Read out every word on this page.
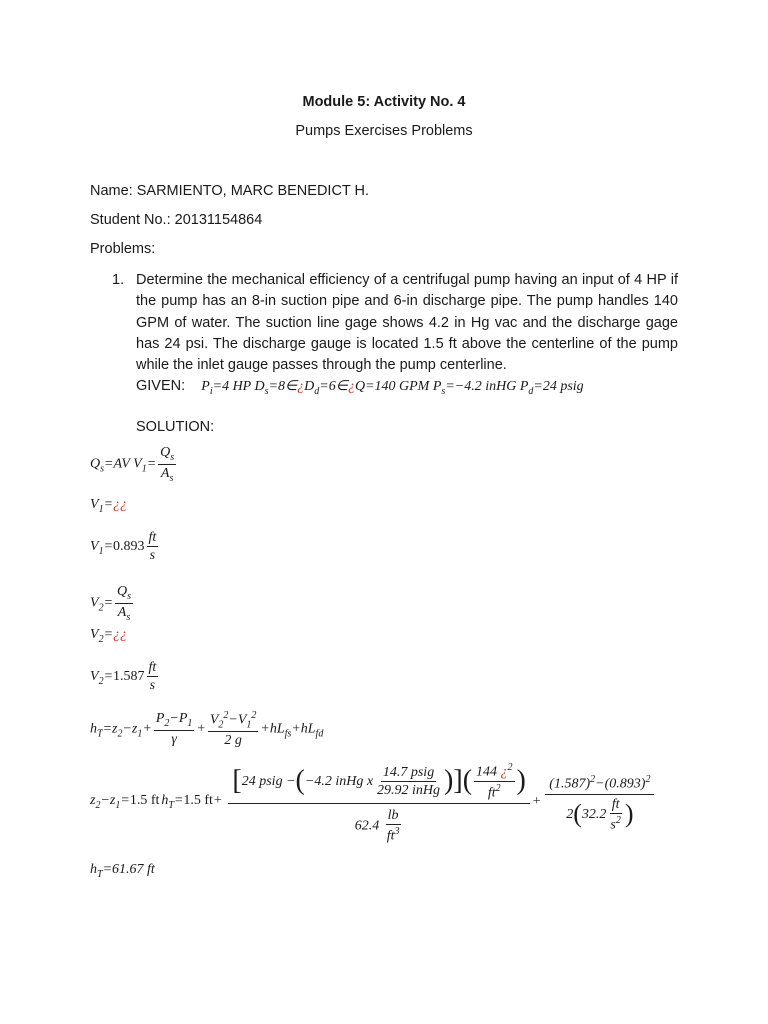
Module 5: Activity No. 4
Pumps Exercises Problems
Name: SARMIENTO, MARC BENEDICT H.
Student No.: 20131154864
Problems:
1. Determine the mechanical efficiency of a centrifugal pump having an input of 4 HP if the pump has an 8-in suction pipe and 6-in discharge pipe. The pump handles 140 GPM of water. The suction line gage shows 4.2 in Hg vac and the discharge gage has 24 psi. The discharge gauge is located 1.5 ft above the centerline of the pump while the inlet gauge passes through the pump centerline.
GIVEN: $P_i=4$ HP $D_s=8\in¿D_d=6\in¿Q=140$ GPM $P_s=-4.2$ inHG $P_d=24$ psig
SOLUTION:
$Q_s=AV$ $V_1= \frac{Q_s}{A_s}$
$V_1=¿¿$
$V_1=0.893 \frac{ft}{s}$
$V_2= \frac{Q_s}{A_s}$
$V_2=¿¿$
$V_2=1.587 \frac{ft}{s}$
$h_T=z_2-z_1+ \frac{P_2-P_1}{\gamma} + \frac{V_2^2-V_1^2}{2 g} +hL_{fs}+hL_{fd}$
$z_2-z_1=1.5$ ft $h_T=1.5$ ft+
[ 24 psig − ( −4.2 inHg x $\frac{\text{14.7 psig}}{\text{29.92 inHg}}$ ) ] ( $\frac{144 ¿^2}{ft^2}$ )
$62.4 \frac{lb}{ft^3}$
+ $\frac{(1.587)^2-(0.893)^2}{2 ( 32.2 \frac{ft}{s^2} )}$
$h_T=61.67$ ft
